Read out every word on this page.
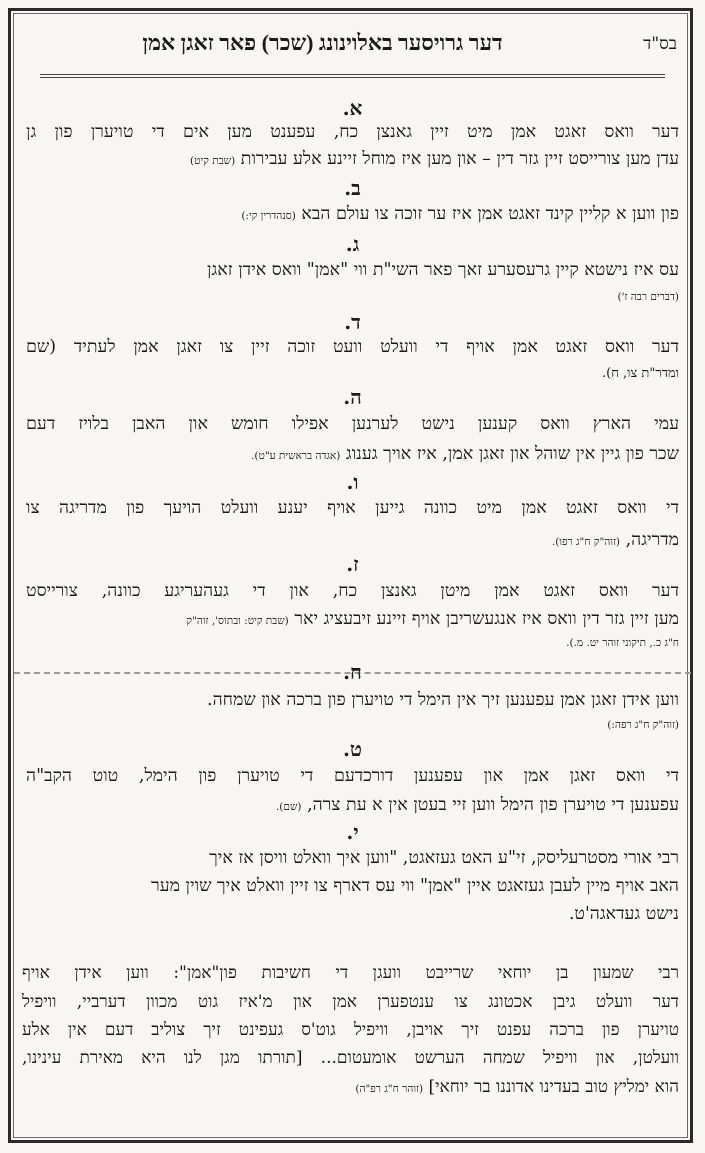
בס"ד
דער גרויסער באלוינונג (שכר) פאר זאגן אמן
א.
דער וואס זאגט אמן מיט זיין גאנצן כח, עפענט מען אים די טויערן פון גן
עדן מען צורייסט זיין גזר דין – און מען איז מוחל זיינע אלע עבירות (שבת קיט)
ב.
פון ווען א קליין קינד זאגט אמן איז ער זוכה צו עולם הבא (סנהדרין קי:)
ג.
עס איז נישטא קיין גרעסערע זאך פאר השי"ת ווי "אמן" וואס אידן זאגן
(דברים רבה ז')
ד.
דער וואס זאגט אמן אויף די וועלט וועט זוכה זיין צו זאגן אמן לעתיד (שם
ומדר"ת צו, ח).
ה.
עמי הארץ וואס קענען נישט לערנען אפילו חומש און האבן בלויז דעם
שכר פון גיין אין שוהל און זאגן אמן, איז אויך גענוג (אגדה בראשית ע"ט).
ו.
די וואס זאגט אמן מיט כוונה גייען אויף יענע וועלט הויעך פון מדריגה צו
מדריגה, (זוה"ק ח"ג רפו).
ז.
דער וואס זאגט אמן מיטן גאנצן כח, און די געהעריגע כוונה, צורייסט
מען זיין גזר דין וואס איז אנגעשריבן אויף זיינע זיבעציג יאר (שבת קיט: ובתוס', זוה"ק
ח"ג כ., תיקוני זוהר יט. מ.).
ח.
ווען אידן זאגן אמן עפענען זיך אין הימל די טויערן פון ברכה און שמחה.
(זוה"ק ח"ג רפה:)
ט.
די וואס זאגן אמן און עפענען דורכדעם די טויערן פון הימל, טוט הקב"ה
עפענען די טויערן פון הימל ווען זיי בעטן אין א עת צרה, (שם).
י.
רבי אורי מסטרעליסק, זי"ע האט געזאגט, "ווען איך וואלט וויסן אז איך
האב אויף מיין לעבן געזאגט איין "אמן" ווי עס דארף צו זיין וואלט איך שוין מער
נישט געדאגה'ט.
רבי שמעון בן יוחאי שרייבט וועגן די חשיבות פון"אמן": ווען אידן אויף
דער וועלט גיבן אכטונג צו ענטפערן אמן און מ'איז גוט מכוון דערביי, וויפיל
טויערן פון ברכה עפנט זיך אויבן, וויפיל גוט'ס געפינט זיך צוליב דעם אין אלע
וועלטן, און וויפיל שמחה הערשט אומעטום... [תורתו מגן לנו היא מאירת עינינו,
הוא ימליץ טוב בעדינו אדוננו בר יוחאי] (זוהר ח"ג רפ"ה)
